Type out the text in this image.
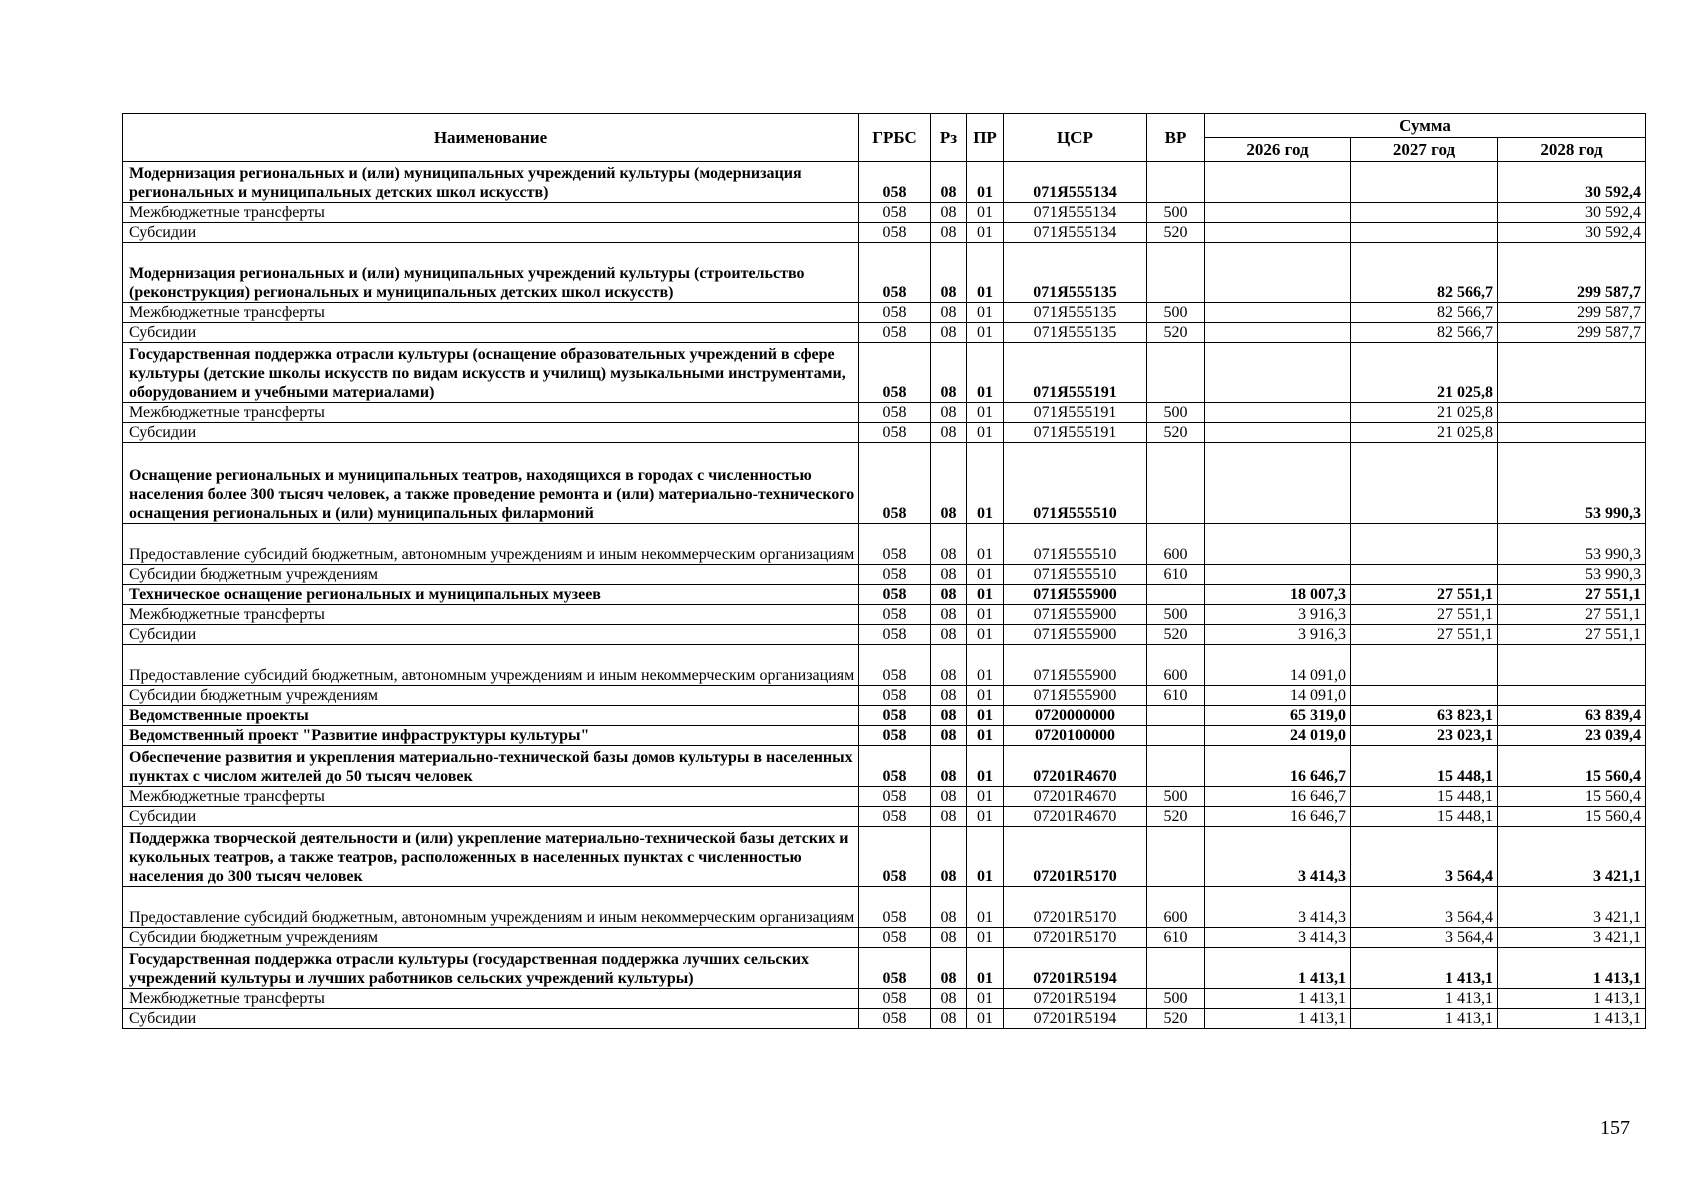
Наименование	ГРБС	Рз	ПР	ЦСР	ВР	Сумма		
						2026 год	2027 год	2028 год
Модернизация региональных и (или) муниципальных учреждений культуры (модернизация региональных и муниципальных детских школ искусств)	058	08	01	071Я555134				30 592,4
Межбюджетные трансферты	058	08	01	071Я555134	500			30 592,4
Субсидии	058	08	01	071Я555134	520			30 592,4
Модернизация региональных и (или) муниципальных учреждений культуры (строительство (реконструкция) региональных и муниципальных детских школ искусств)	058	08	01	071Я555135			82 566,7	299 587,7
Межбюджетные трансферты	058	08	01	071Я555135	500		82 566,7	299 587,7
Субсидии	058	08	01	071Я555135	520		82 566,7	299 587,7
Государственная поддержка отрасли культуры (оснащение образовательных учреждений в сфере культуры (детские школы искусств по видам искусств и училищ) музыкальными инструментами, оборудованием и учебными материалами)	058	08	01	071Я555191			21 025,8	
Межбюджетные трансферты	058	08	01	071Я555191	500		21 025,8	
Субсидии	058	08	01	071Я555191	520		21 025,8	
Оснащение региональных и муниципальных театров, находящихся в городах с численностью населения более 300 тысяч человек, а также проведение ремонта и (или) материально-технического оснащения региональных и (или) муниципальных филармоний	058	08	01	071Я555510				53 990,3
Предоставление субсидий бюджетным, автономным учреждениям и иным некоммерческим организациям	058	08	01	071Я555510	600			53 990,3
Субсидии бюджетным учреждениям	058	08	01	071Я555510	610			53 990,3
Техническое оснащение региональных и муниципальных музеев	058	08	01	071Я555900		18 007,3	27 551,1	27 551,1
Межбюджетные трансферты	058	08	01	071Я555900	500	3 916,3	27 551,1	27 551,1
Субсидии	058	08	01	071Я555900	520	3 916,3	27 551,1	27 551,1
Предоставление субсидий бюджетным, автономным учреждениям и иным некоммерческим организациям	058	08	01	071Я555900	600	14 091,0		
Субсидии бюджетным учреждениям	058	08	01	071Я555900	610	14 091,0		
Ведомственные проекты	058	08	01	0720000000		65 319,0	63 823,1	63 839,4
Ведомственный проект "Развитие инфраструктуры культуры"	058	08	01	0720100000		24 019,0	23 023,1	23 039,4
Обеспечение развития и укрепления материально-технической базы домов культуры в населенных пунктах с числом жителей до 50 тысяч человек	058	08	01	07201R4670		16 646,7	15 448,1	15 560,4
Межбюджетные трансферты	058	08	01	07201R4670	500	16 646,7	15 448,1	15 560,4
Субсидии	058	08	01	07201R4670	520	16 646,7	15 448,1	15 560,4
Поддержка творческой деятельности и (или) укрепление материально-технической базы детских и кукольных театров, а также театров, расположенных в населенных пунктах с численностью населения до 300 тысяч человек	058	08	01	07201R5170		3 414,3	3 564,4	3 421,1
Предоставление субсидий бюджетным, автономным учреждениям и иным некоммерческим организациям	058	08	01	07201R5170	600	3 414,3	3 564,4	3 421,1
Субсидии бюджетным учреждениям	058	08	01	07201R5170	610	3 414,3	3 564,4	3 421,1
Государственная поддержка отрасли культуры (государственная поддержка лучших сельских учреждений культуры и лучших работников сельских учреждений культуры)	058	08	01	07201R5194		1 413,1	1 413,1	1 413,1
Межбюджетные трансферты	058	08	01	07201R5194	500	1 413,1	1 413,1	1 413,1
Субсидии	058	08	01	07201R5194	520	1 413,1	1 413,1	1 413,1
157
